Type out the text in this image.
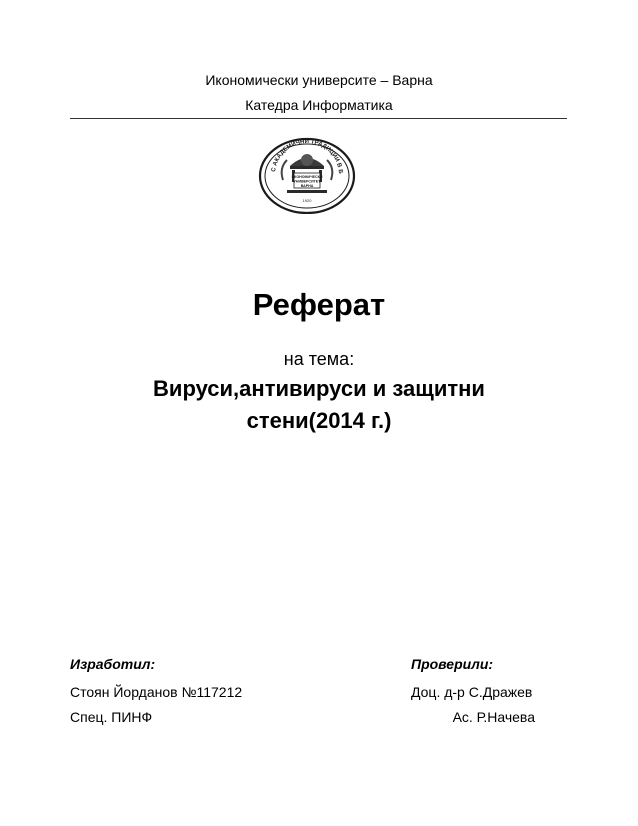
Икономически университе – Варна
Катедра Информатика
С АКАДЕМИЧНИ ТРАДИЦИИ В Б
ИКОНОМИЧЕСКИ
УНИВЕРСИТЕТ
ВАРНА
1920
Реферат
на тема:
Вируси,антивируси и защитни
стени(2014 г.)
Изработил:
Стоян Йорданов №117212
Спец. ПИНФ
Проверили:
Доц. д-р С.Дражев
Ас. Р.Начева
